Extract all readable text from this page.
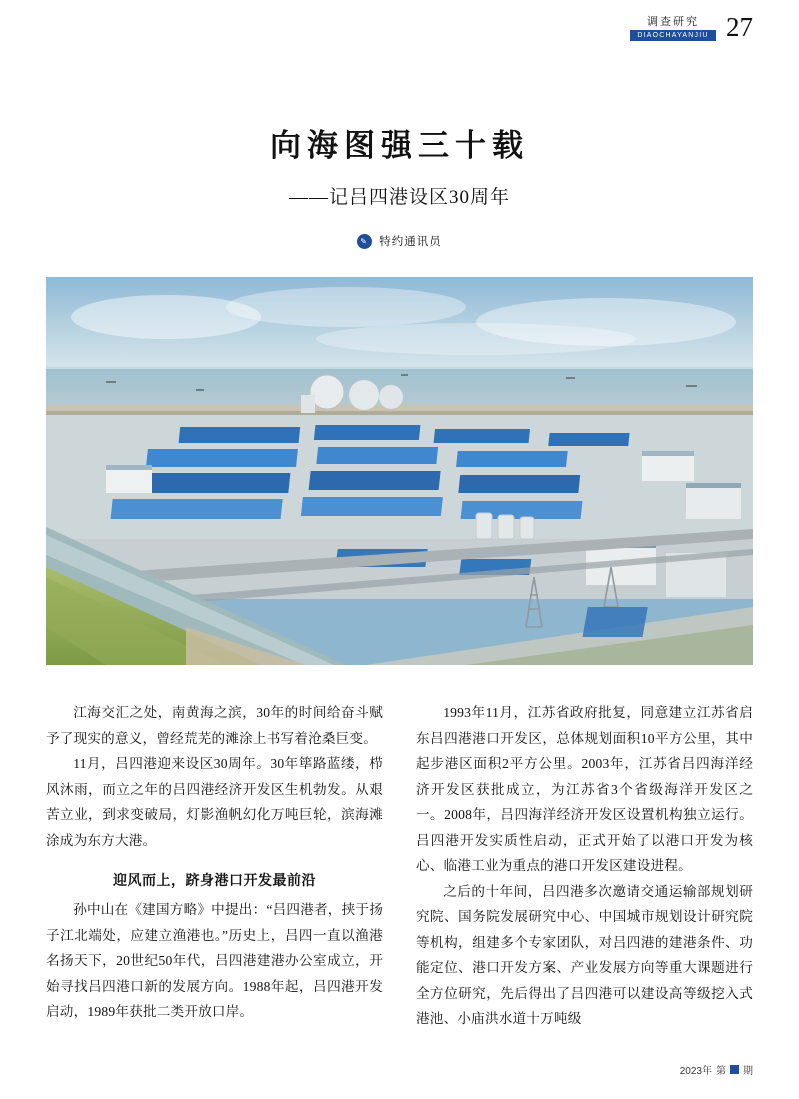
调查研究
DIAOCHAYANJIU 27
向海图强三十载
——记吕四港设区30周年
✎
特约通讯员

江海交汇之处，南黄海之滨，30年的时间给奋斗赋予了现实的意义，曾经荒芜的滩涂上书写着沧桑巨变。

11月，吕四港迎来设区30周年。30年筚路蓝缕，栉风沐雨，而立之年的吕四港经济开发区生机勃发。从艰苦立业，到求变破局，灯影渔帆幻化万吨巨轮，滨海滩涂成为东方大港。

迎风而上，跻身港口开发最前沿

孙中山在《建国方略》中提出：“吕四港者，挟于扬子江北端处，应建立渔港也。”历史上，吕四一直以渔港名扬天下，20世纪50年代，吕四港建港办公室成立，开始寻找吕四港口新的发展方向。1988年起，吕四港开发启动，1989年获批二类开放口岸。

1993年11月，江苏省政府批复，同意建立江苏省启东吕四港港口开发区，总体规划面积10平方公里，其中起步港区面积2平方公里。2003年，江苏省吕四海洋经济开发区获批成立，为江苏省3个省级海洋开发区之一。2008年，吕四海洋经济开发区设置机构独立运行。吕四港开发实质性启动，正式开始了以港口开发为核心、临港工业为重点的港口开发区建设进程。

之后的十年间，吕四港多次邀请交通运输部规划研究院、国务院发展研究中心、中国城市规划设计研究院等机构，组建多个专家团队，对吕四港的建港条件、功能定位、港口开发方案、产业发展方向等重大课题进行全方位研究，先后得出了吕四港可以建设高等级挖入式港池、小庙洪水道十万吨级

2023年 第 期
